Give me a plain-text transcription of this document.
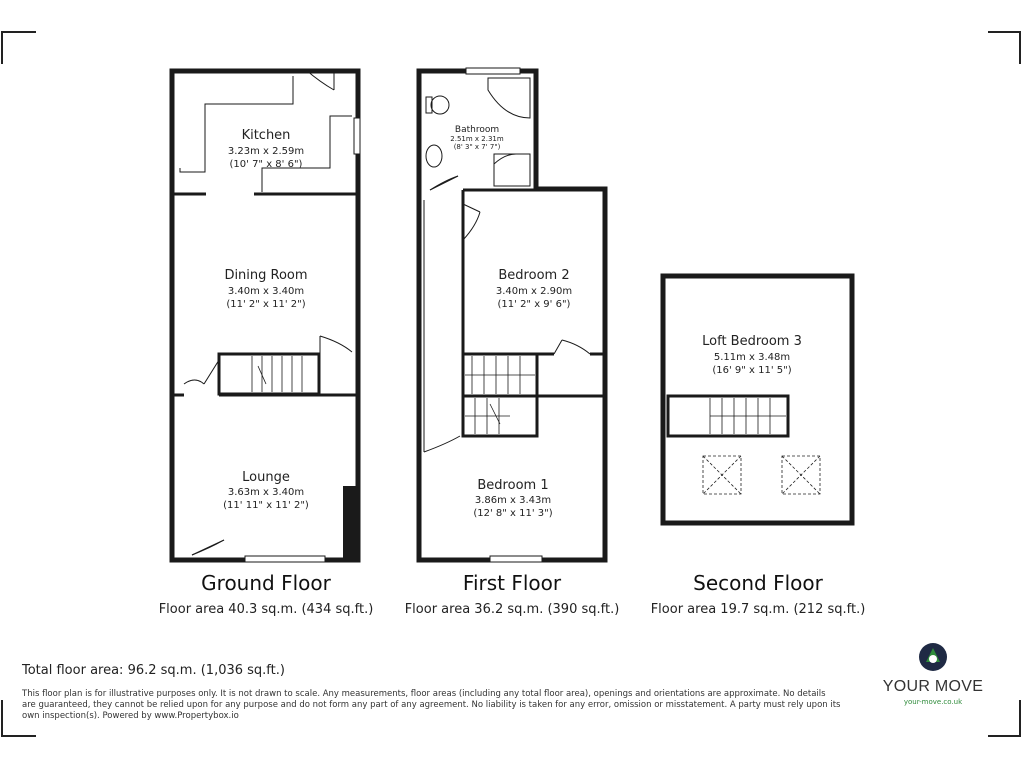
Kitchen
3.23m x 2.59m
(10' 7" x 8' 6")
Dining Room
3.40m x 3.40m
(11' 2" x 11' 2")
Lounge
3.63m x 3.40m
(11' 11" x 11' 2")
Bathroom
2.51m x 2.31m
(8' 3" x 7' 7")
Bedroom 2
3.40m x 2.90m
(11' 2" x 9' 6")
Bedroom 1
3.86m x 3.43m
(12' 8" x 11' 3")
Loft Bedroom 3
5.11m x 3.48m
(16' 9" x 11' 5")
Ground Floor
Floor area 40.3 sq.m. (434 sq.ft.)
First Floor
Floor area 36.2 sq.m. (390 sq.ft.)
Second Floor
Floor area 19.7 sq.m. (212 sq.ft.)
Total floor area: 96.2 sq.m. (1,036 sq.ft.)
This floor plan is for illustrative purposes only. It is not drawn to scale. Any measurements, floor areas (including any total floor area), openings and orientations are approximate. No details are guaranteed, they cannot be relied upon for any purpose and do not form any part of any agreement. No liability is taken for any error, omission or misstatement. A party must rely upon its own inspection(s). Powered by www.Propertybox.io
YOUR MOVE
your-move.co.uk
